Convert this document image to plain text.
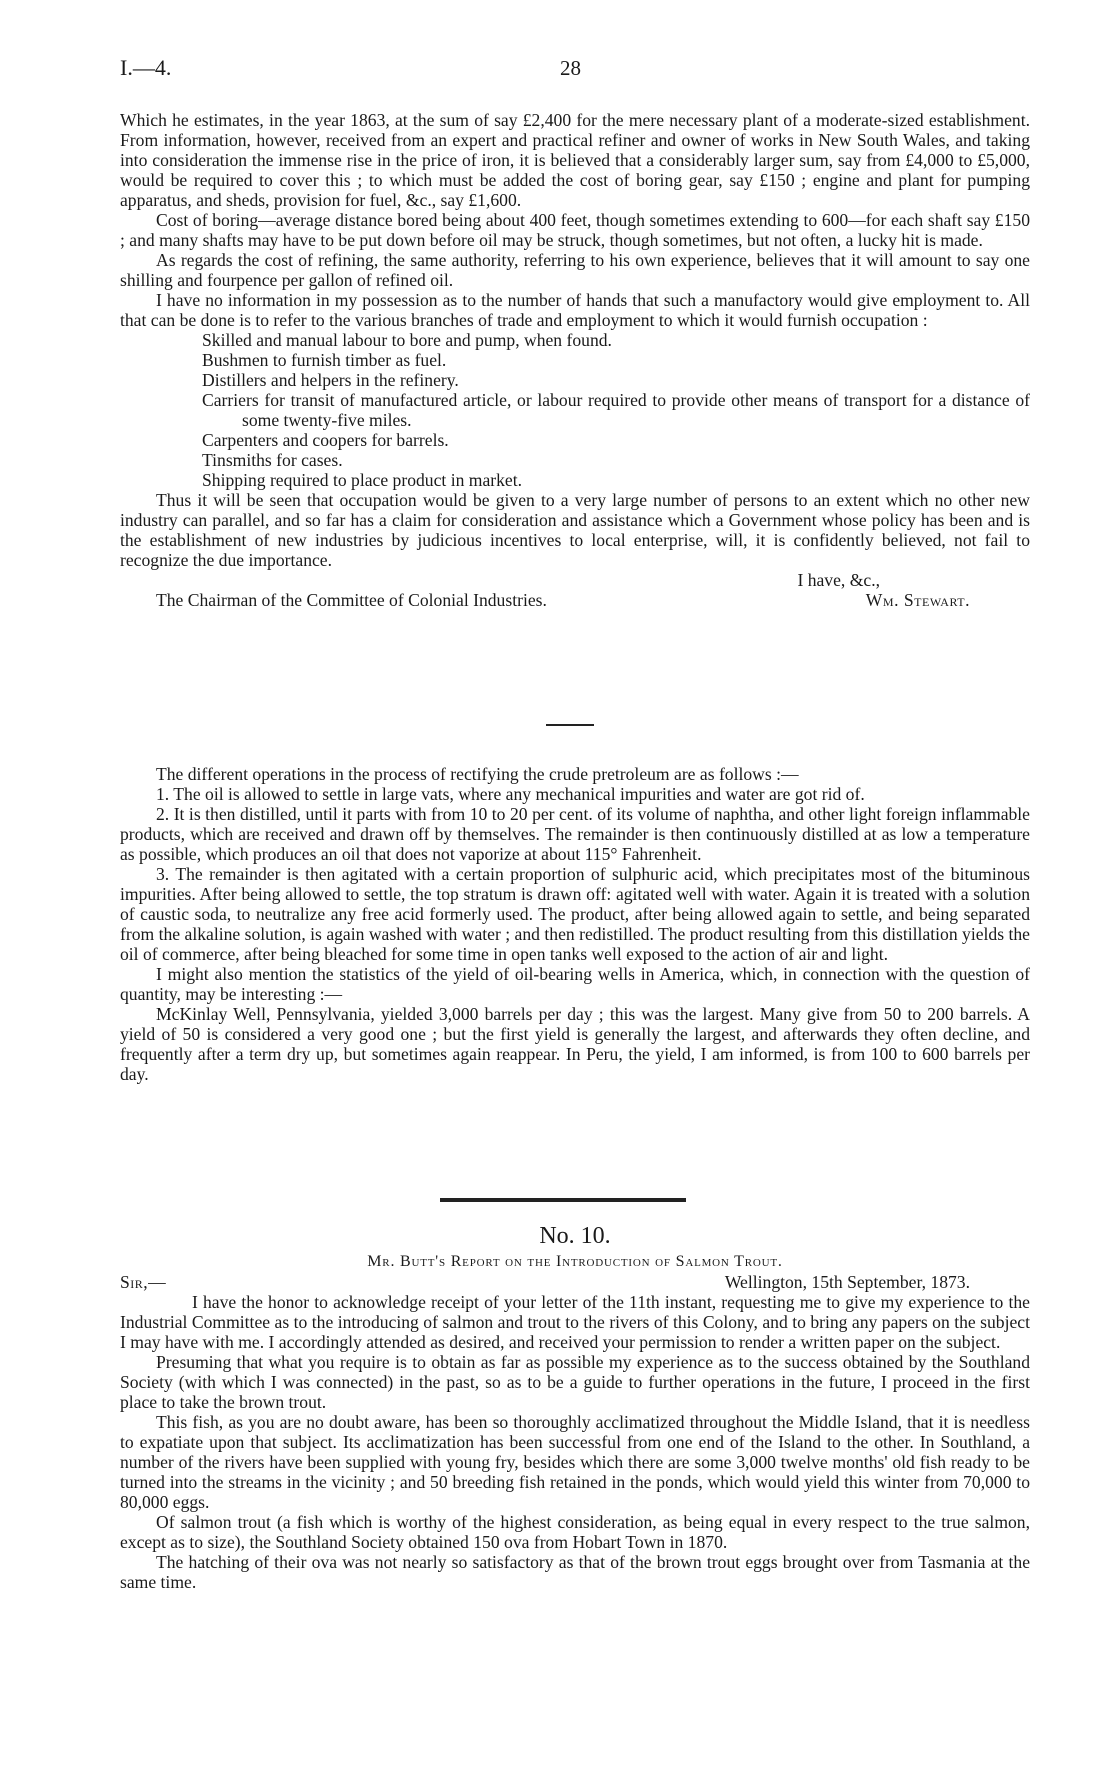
I.—4.	28

Which he estimates, in the year 1863, at the sum of say £2,400 for the mere necessary plant of a moderate-sized establishment. From information, however, received from an expert and practical refiner and owner of works in New South Wales, and taking into consideration the immense rise in the price of iron, it is believed that a considerably larger sum, say from £4,000 to £5,000, would be required to cover this ; to which must be added the cost of boring gear, say £150 ; engine and plant for pumping apparatus, and sheds, provision for fuel, &c., say £1,600.

Cost of boring—average distance bored being about 400 feet, though sometimes extending to 600—for each shaft say £150 ; and many shafts may have to be put down before oil may be struck, though sometimes, but not often, a lucky hit is made.

As regards the cost of refining, the same authority, referring to his own experience, believes that it will amount to say one shilling and fourpence per gallon of refined oil.

I have no information in my possession as to the number of hands that such a manufactory would give employment to. All that can be done is to refer to the various branches of trade and employment to which it would furnish occupation :

Skilled and manual labour to bore and pump, when found.

Bushmen to furnish timber as fuel.

Distillers and helpers in the refinery.

Carriers for transit of manufactured article, or labour required to provide other means of transport for a distance of some twenty-five miles.

Carpenters and coopers for barrels.

Tinsmiths for cases.

Shipping required to place product in market.

Thus it will be seen that occupation would be given to a very large number of persons to an extent which no other new industry can parallel, and so far has a claim for consideration and assistance which a Government whose policy has been and is the establishment of new industries by judicious incentives to local enterprise, will, it is confidently believed, not fail to recognize the due importance.

I have, &c.,

The Chairman of the Committee of Colonial Industries.	Wm. Stewart.

The different operations in the process of rectifying the crude pretroleum are as follows :—

1. The oil is allowed to settle in large vats, where any mechanical impurities and water are got rid of.

2. It is then distilled, until it parts with from 10 to 20 per cent. of its volume of naphtha, and other light foreign inflammable products, which are received and drawn off by themselves. The remainder is then continuously distilled at as low a temperature as possible, which produces an oil that does not vaporize at about 115° Fahrenheit.

3. The remainder is then agitated with a certain proportion of sulphuric acid, which precipitates most of the bituminous impurities. After being allowed to settle, the top stratum is drawn off: agitated well with water. Again it is treated with a solution of caustic soda, to neutralize any free acid formerly used. The product, after being allowed again to settle, and being separated from the alkaline solution, is again washed with water ; and then redistilled. The product resulting from this distillation yields the oil of commerce, after being bleached for some time in open tanks well exposed to the action of air and light.

I might also mention the statistics of the yield of oil-bearing wells in America, which, in connection with the question of quantity, may be interesting :—

McKinlay Well, Pennsylvania, yielded 3,000 barrels per day ; this was the largest. Many give from 50 to 200 barrels. A yield of 50 is considered a very good one ; but the first yield is generally the largest, and afterwards they often decline, and frequently after a term dry up, but sometimes again reappear. In Peru, the yield, I am informed, is from 100 to 600 barrels per day.

No. 10.

Mr. Butt's Report on the Introduction of Salmon Trout.

Sir,—	Wellington, 15th September, 1873.

I have the honor to acknowledge receipt of your letter of the 11th instant, requesting me to give my experience to the Industrial Committee as to the introducing of salmon and trout to the rivers of this Colony, and to bring any papers on the subject I may have with me. I accordingly attended as desired, and received your permission to render a written paper on the subject.

Presuming that what you require is to obtain as far as possible my experience as to the success obtained by the Southland Society (with which I was connected) in the past, so as to be a guide to further operations in the future, I proceed in the first place to take the brown trout.

This fish, as you are no doubt aware, has been so thoroughly acclimatized throughout the Middle Island, that it is needless to expatiate upon that subject. Its acclimatization has been successful from one end of the Island to the other. In Southland, a number of the rivers have been supplied with young fry, besides which there are some 3,000 twelve months' old fish ready to be turned into the streams in the vicinity ; and 50 breeding fish retained in the ponds, which would yield this winter from 70,000 to 80,000 eggs.

Of salmon trout (a fish which is worthy of the highest consideration, as being equal in every respect to the true salmon, except as to size), the Southland Society obtained 150 ova from Hobart Town in 1870.

The hatching of their ova was not nearly so satisfactory as that of the brown trout eggs brought over from Tasmania at the same time.
